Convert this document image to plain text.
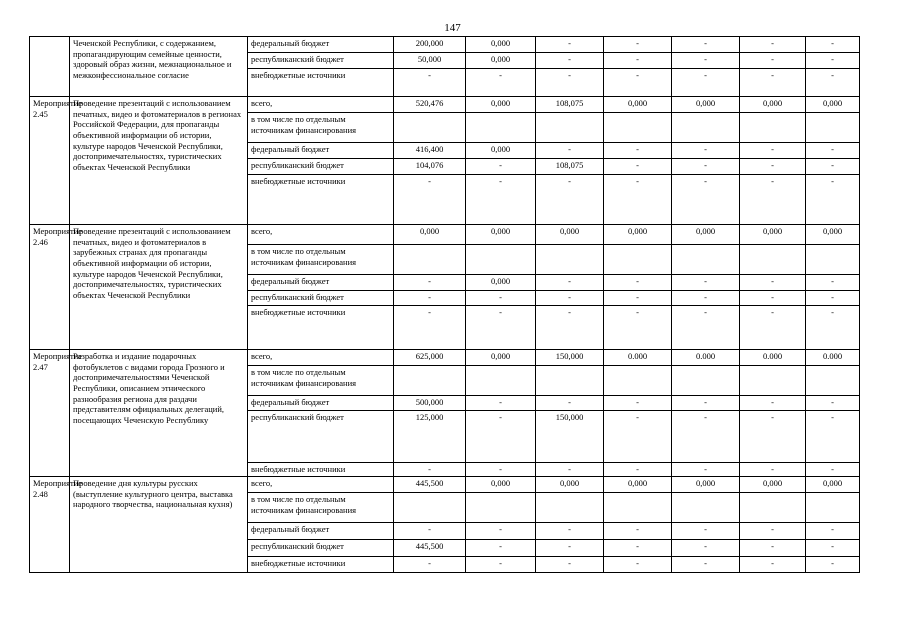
147
	Чеченской Республики, с содержанием, пропагандирующим семейные ценности, здоровый образ жизни, межнациональное и межконфессиональное согласие	федеральный бюджет	200,000	0,000	-	-	-	-	-
		республиканский бюджет	50,000	0,000	-	-	-	-	-
		внебюджетные источники	-	-	-	-	-	-	-
Мероприятие 2.45	Проведение презентаций с использованием печатных, видео и фотоматериалов в регионах Российской Федерации, для пропаганды объективной информации об истории, культуре народов Чеченской Республики, достопримечательностях, туристических объектах Чеченской Республики	всего,	520,476	0,000	108,075	0,000	0,000	0,000	0,000
		в том числе по отдельным источникам финансирования							
		федеральный бюджет	416,400	0,000	-	-	-	-	-
		республиканский бюджет	104,076	-	108,075	-	-	-	-
		внебюджетные источники	-	-	-	-	-	-	-
Мероприятие 2.46	Проведение презентаций с использованием печатных, видео и фотоматериалов в зарубежных странах для пропаганды объективной информации об истории, культуре народов Чеченской Республики, достопримечательностях, туристических объектах Чеченской Республики	всего,	0,000	0,000	0,000	0,000	0,000	0,000	0,000
		в том числе по отдельным источникам финансирования							
		федеральный бюджет	-	0,000	-	-	-	-	-
		республиканский бюджет	-	-	-	-	-	-	-
		внебюджетные источники	-	-	-	-	-	-	-
Мероприятие 2.47	Разработка и издание подарочных фотобуклетов с видами города Грозного и достопримечательностями Чеченской Республики, описанием этнического разнообразия региона для раздачи представителям официальных делегаций, посещающих Чеченскую Республику	всего,	625,000	0,000	150,000	0.000	0.000	0.000	0.000
		в том числе по отдельным источникам финансирования							
		федеральный бюджет	500,000	-	-	-	-	-	-
		республиканский бюджет	125,000	-	150,000	-	-	-	-
		внебюджетные источники	-	-	-	-	-	-	-
Мероприятие 2.48	Проведение дня культуры русских (выступление культурного центра, выставка народного творчества, национальная кухня)	всего,	445,500	0,000	0,000	0,000	0,000	0,000	0,000
		в том числе по отдельным источникам финансирования							
		федеральный бюджет	-	-	-	-	-	-	-
		республиканский бюджет	445,500	-	-	-	-	-	-
		внебюджетные источники	-	-	-	-	-	-	-
